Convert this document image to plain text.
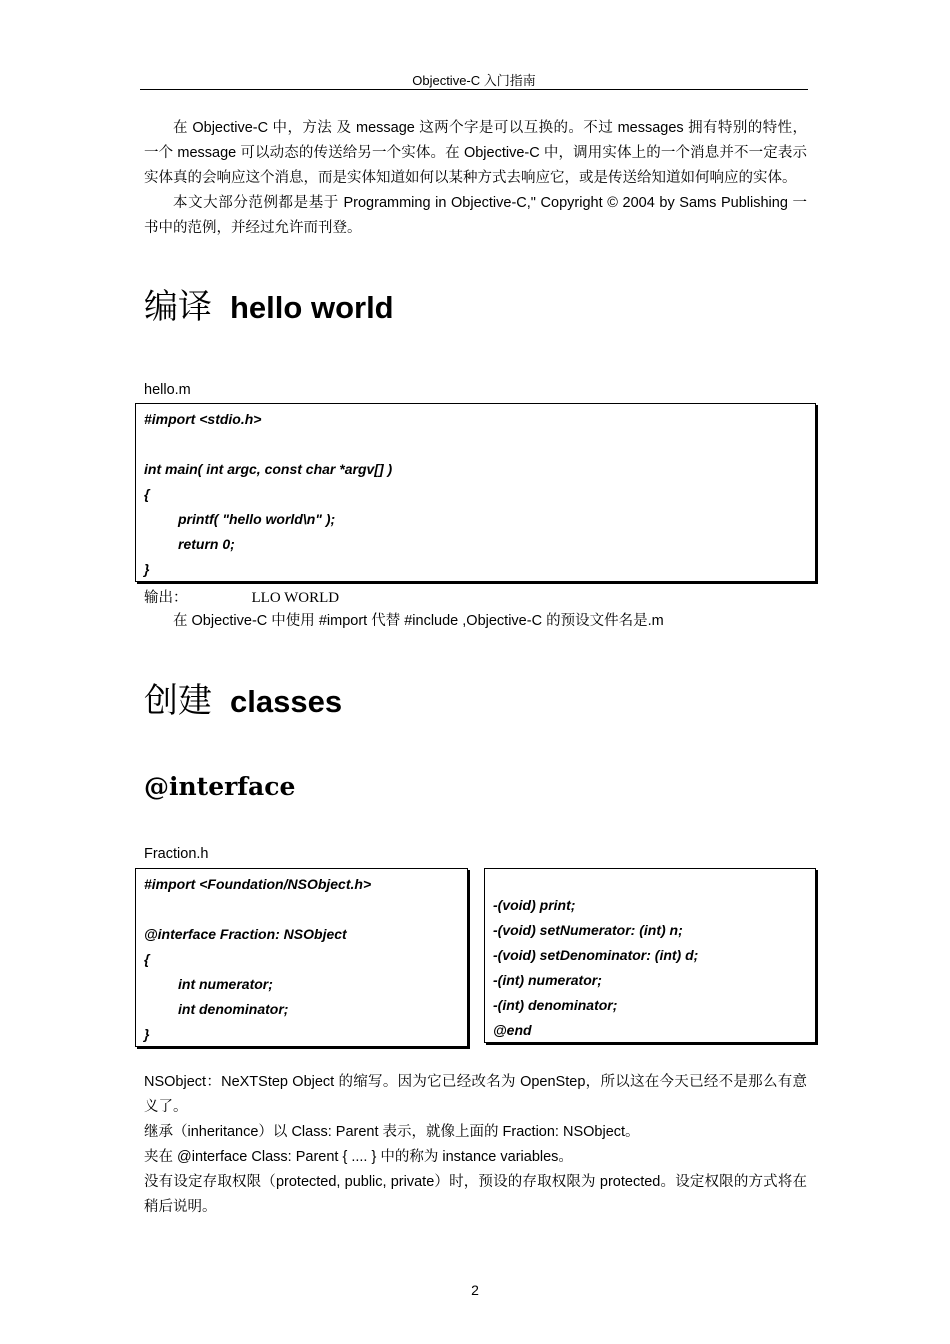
Objective-C 入门指南

在 Objective-C 中，方法 及 message 这两个字是可以互换的。不过 messages 拥有特别的特性，一个 message 可以动态的传送给另一个实体。在 Objective-C 中，调用实体上的一个消息并不一定表示实体真的会响应这个消息，而是实体知道如何以某种方式去响应它，或是传送给知道如何响应的实体。

本文大部分范例都是基于 Programming in Objective-C," Copyright © 2004 by Sams Publishing 一书中的范例，并经过允许而刊登。

编译 hello world
hello.m
#import <stdio.h>
int main( int argc, const char *argv[] )
{
printf( "hello world\n" );
return 0;
}
输出：	LLO WORLD

在 Objective-C 中使用 #import 代替 #include ,Objective-C 的预设文件名是.m

创建 classes
@interface
Fraction.h
#import <Foundation/NSObject.h>
@interface Fraction: NSObject
{
int numerator;
int denominator;
}
-(void) print;
-(void) setNumerator: (int) n;
-(void) setDenominator: (int) d;
-(int) numerator;
-(int) denominator;
@end

NSObject：NeXTStep Object 的缩写。因为它已经改名为 OpenStep，所以这在今天已经不是那么有意义了。

继承（inheritance）以 Class: Parent 表示，就像上面的 Fraction: NSObject。

夹在 @interface Class: Parent { .... } 中的称为 instance variables。

没有设定存取权限（protected, public, private）时，预设的存取权限为 protected。设定权限的方式将在稍后说明。

2
